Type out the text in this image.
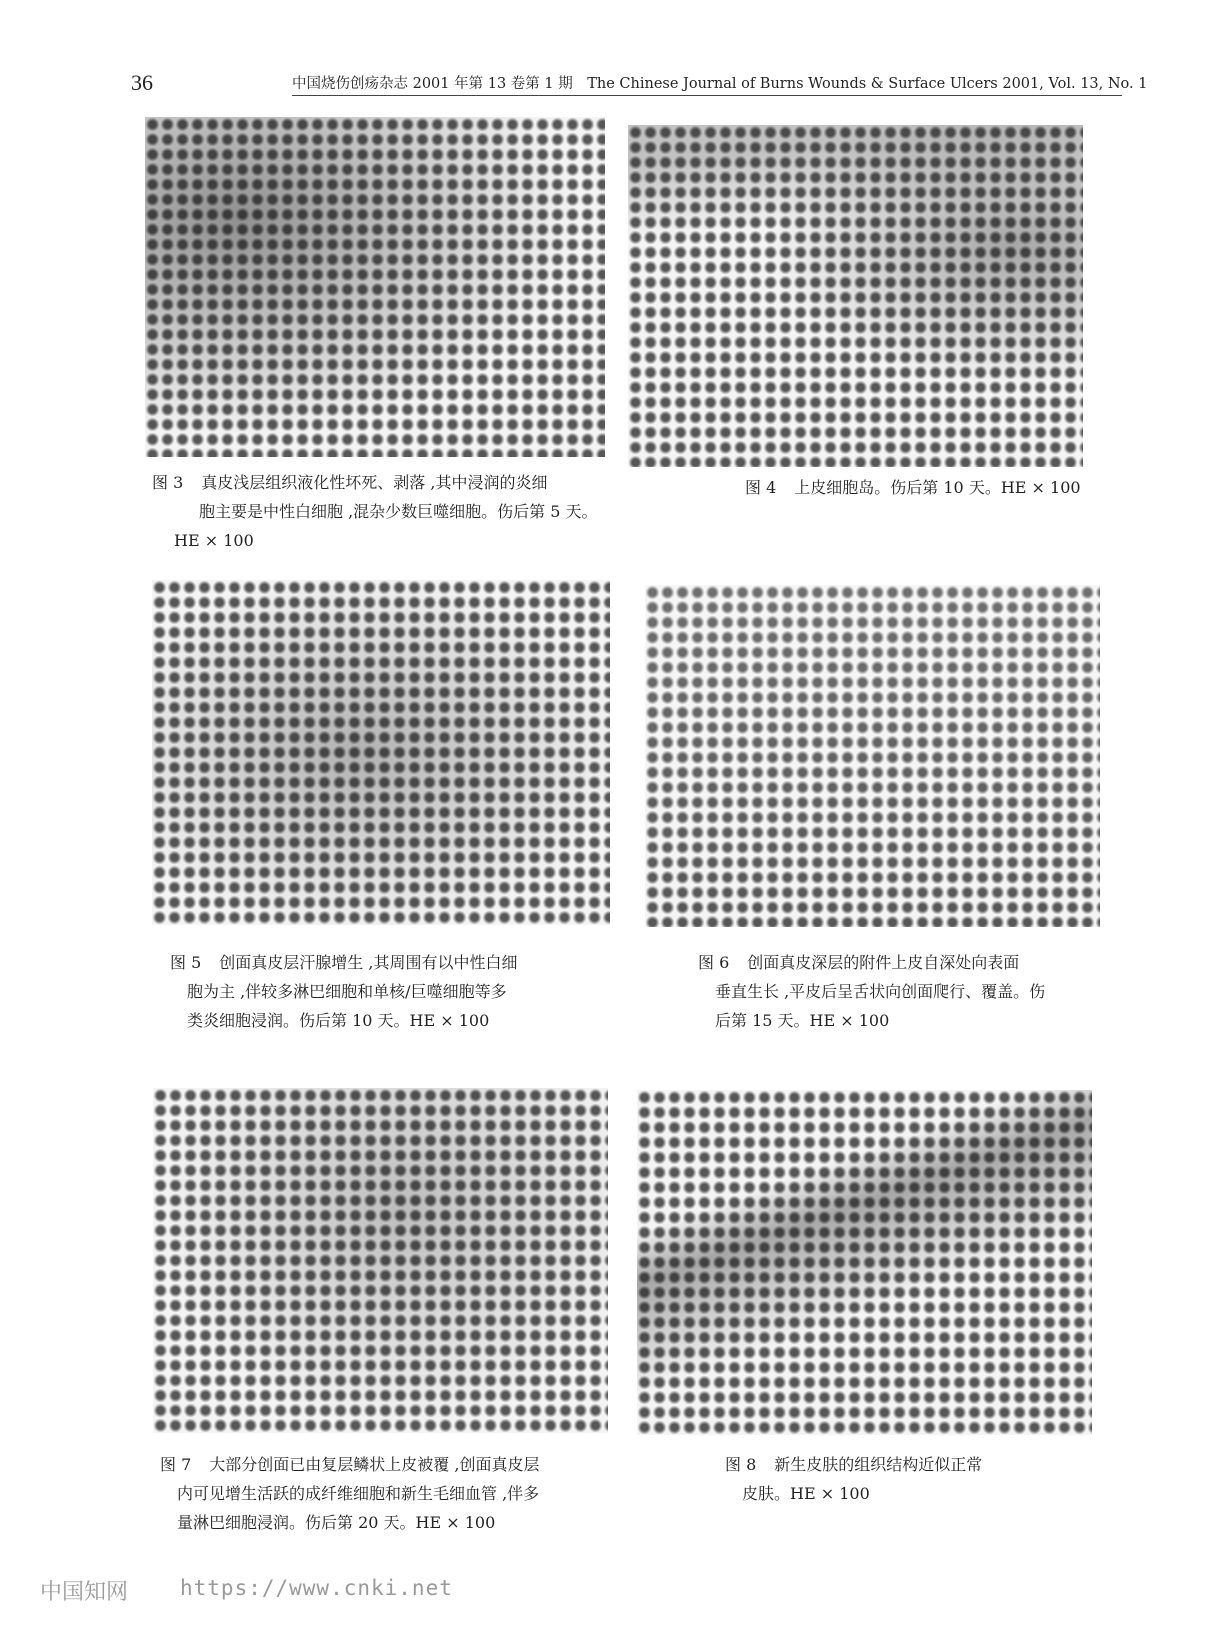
36	中国烧伤创疡杂志 2001 年第 13 卷第 1 期　The Chinese Journal of Burns Wounds & Surface Ulcers 2001, Vol. 13, No. 1
图 3 真皮浅层组织液化性坏死、剥落 ,其中浸润的炎细
胞主要是中性白细胞 ,混杂少数巨噬细胞。伤后第 5 天。
HE × 100
图 4 上皮细胞岛。伤后第 10 天。HE × 100
图 5 创面真皮层汗腺增生 ,其周围有以中性白细
胞为主 ,伴较多淋巴细胞和单核/巨噬细胞等多
类炎细胞浸润。伤后第 10 天。HE × 100
图 6 创面真皮深层的附件上皮自深处向表面
垂直生长 ,平皮后呈舌状向创面爬行、覆盖。伤
后第 15 天。HE × 100
图 7 大部分创面已由复层鳞状上皮被覆 ,创面真皮层
内可见增生活跃的成纤维细胞和新生毛细血管 ,伴多
量淋巴细胞浸润。伤后第 20 天。HE × 100
图 8 新生皮肤的组织结构近似正常
皮肤。HE × 100
中国知网 https://www.cnki.net
